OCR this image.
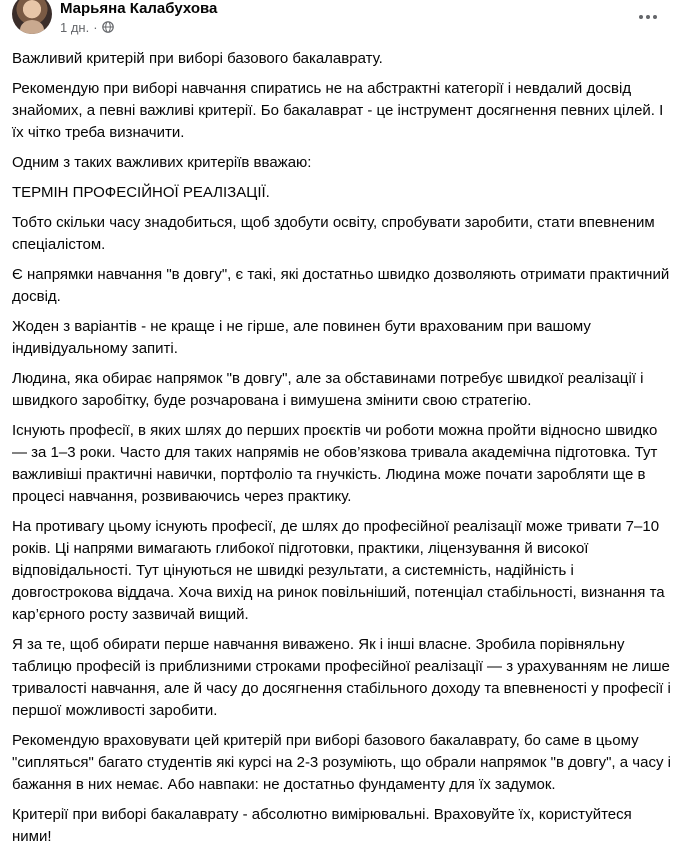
Марьяна Калабухова
1 дн. ·

Важливий критерій при виборі базового бакалаврату.

Рекомендую при виборі навчання спиратись не на абстрактні категорії і невдалий досвід знайомих, а певні важливі критерії. Бо бакалаврат - це інструмент досягнення певних цілей. І їх чітко треба визначити.

Одним з таких важливих критеріїв вважаю:

ТЕРМІН ПРОФЕСІЙНОЇ РЕАЛІЗАЦІЇ.

Тобто скільки часу знадобиться, щоб здобути освіту, спробувати заробити, стати впевненим спеціалістом.

Є напрямки навчання "в довгу", є такі, які достатньо швидко дозволяють отримати практичний досвід.

Жоден з варіантів - не краще і не гірше, але повинен бути врахованим при вашому індивідуальному запиті.

Людина, яка обирає напрямок "в довгу", але за обставинами потребує швидкої реалізації і швидкого заробітку, буде розчарована і вимушена змінити свою стратегію.

Існують професії, в яких шлях до перших проєктів чи роботи можна пройти відносно швидко — за 1–3 роки. Часто для таких напрямів не обов’язкова тривала академічна підготовка. Тут важливіші практичні навички, портфоліо та гнучкість. Людина може почати заробляти ще в процесі навчання, розвиваючись через практику.

На противагу цьому існують професії, де шлях до професійної реалізації може тривати 7–10 років. Ці напрями вимагають глибокої підготовки, практики, ліцензування й високої відповідальності. Тут цінуються не швидкі результати, а системність, надійність і довгострокова віддача. Хоча вихід на ринок повільніший, потенціал стабільності, визнання та кар’єрного росту зазвичай вищий.

Я за те, щоб обирати перше навчання виважено. Як і інші власне. Зробила порівняльну таблицю професій із приблизними строками професійної реалізації — з урахуванням не лише тривалості навчання, але й часу до досягнення стабільного доходу та впевненості у професії і першої можливості заробити.

Рекомендую враховувати цей критерій при виборі базового бакалаврату, бо саме в цьому "сипляться" багато студентів які курсі на 2-3 розуміють, що обрали напрямок "в довгу", а часу і бажання в них немає. Або навпаки: не достатньо фундаменту для їх задумок.

Критерії при виборі бакалаврату - абсолютно вимірювальні. Враховуйте їх, користуйтеся ними!
